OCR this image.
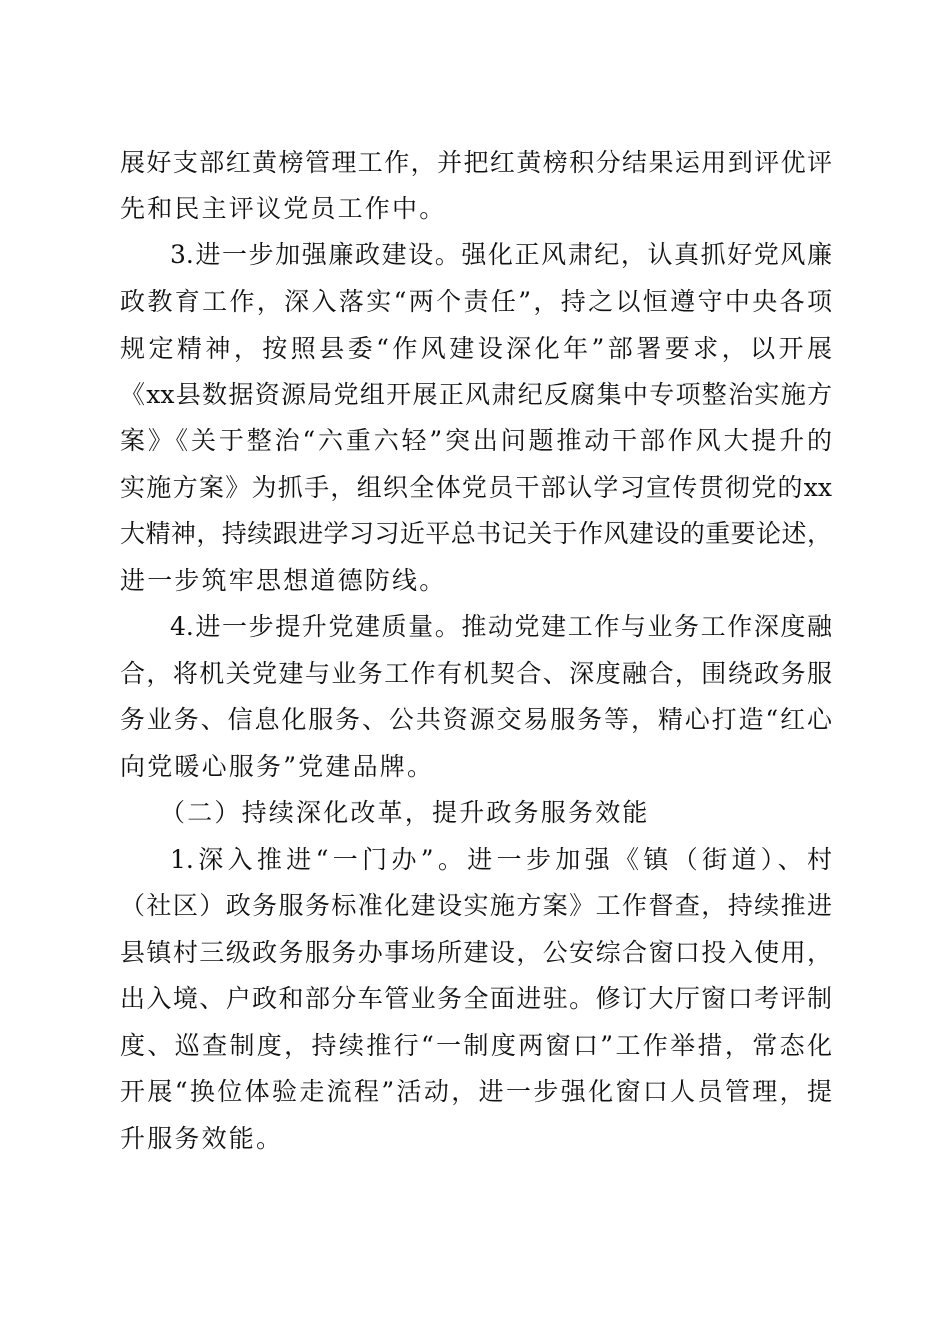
展好支部红黄榜管理工作，并把红黄榜积分结果运用到评优评
先和民主评议党员工作中。
3.进一步加强廉政建设。强化正风肃纪，认真抓好党风廉
政教育工作，深入落实“两个责任”，持之以恒遵守中央各项
规定精神，按照县委“作风建设深化年”部署要求，以开展
《xx县数据资源局党组开展正风肃纪反腐集中专项整治实施方
案》《关于整治“六重六轻”突出问题推动干部作风大提升的
实施方案》为抓手，组织全体党员干部认学习宣传贯彻党的xx
大精神，持续跟进学习习近平总书记关于作风建设的重要论述，
进一步筑牢思想道德防线。
4.进一步提升党建质量。推动党建工作与业务工作深度融
合，将机关党建与业务工作有机契合、深度融合，围绕政务服
务业务、信息化服务、公共资源交易服务等，精心打造“红心
向党暖心服务”党建品牌。
（二）持续深化改革，提升政务服务效能
1.深入推进“一门办”。进一步加强《镇（街道）、村
（社区）政务服务标准化建设实施方案》工作督查，持续推进
县镇村三级政务服务办事场所建设，公安综合窗口投入使用，
出入境、户政和部分车管业务全面进驻。修订大厅窗口考评制
度、巡查制度，持续推行“一制度两窗口”工作举措，常态化
开展“换位体验走流程”活动，进一步强化窗口人员管理，提
升服务效能。
